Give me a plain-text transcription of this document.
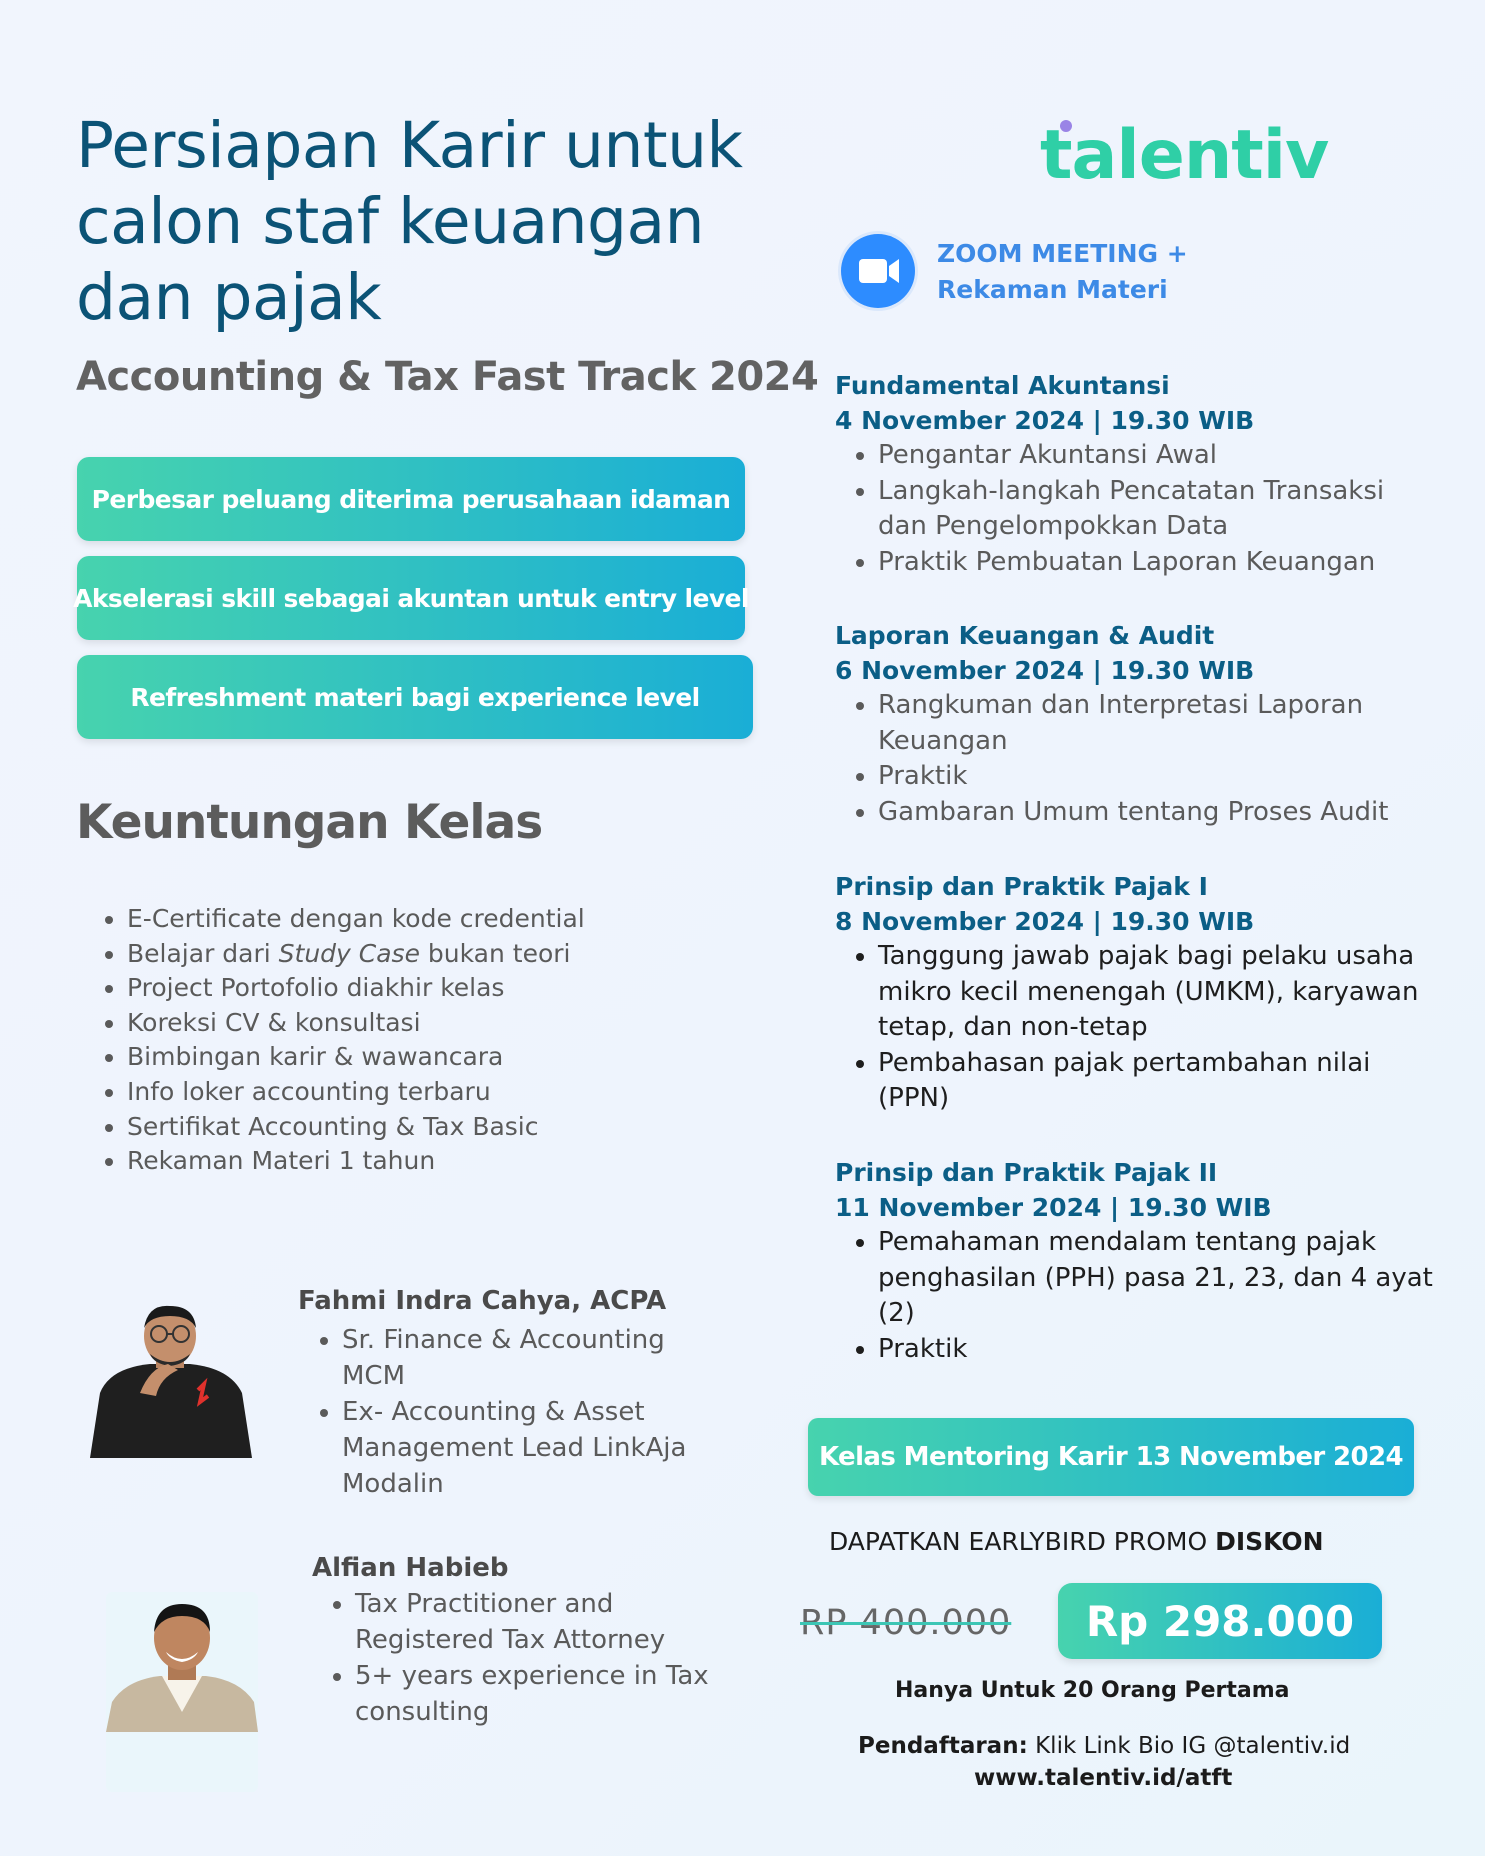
Persiapan Karir untuk
calon staf keuangan
dan pajak
Accounting & Tax Fast Track 2024
Perbesar peluang diterima perusahaan idaman
Akselerasi skill sebagai akuntan untuk entry level
Refreshment materi bagi experience level
Keuntungan Kelas
• E-Certificate dengan kode credential
• Belajar dari Study Case bukan teori
• Project Portofolio diakhir kelas
• Koreksi CV & konsultasi
• Bimbingan karir & wawancara
• Info loker accounting terbaru
• Sertifikat Accounting & Tax Basic
• Rekaman Materi 1 tahun
Fahmi Indra Cahya, ACPA
• Sr. Finance & Accounting MCM
• Ex- Accounting & Asset Management Lead LinkAja Modalin
Alfian Habieb
• Tax Practitioner and Registered Tax Attorney
• 5+ years experience in Tax consulting
talentiv
ZOOM MEETING +
Rekaman Materi
Fundamental Akuntansi
4 November 2024 | 19.30 WIB
• Pengantar Akuntansi Awal
• Langkah-langkah Pencatatan Transaksi dan Pengelompokkan Data
• Praktik Pembuatan Laporan Keuangan
Laporan Keuangan & Audit
6 November 2024 | 19.30 WIB
• Rangkuman dan Interpretasi Laporan Keuangan
• Praktik
• Gambaran Umum tentang Proses Audit
Prinsip dan Praktik Pajak I
8 November 2024 | 19.30 WIB
• Tanggung jawab pajak bagi pelaku usaha mikro kecil menengah (UMKM), karyawan tetap, dan non-tetap
• Pembahasan pajak pertambahan nilai (PPN)
Prinsip dan Praktik Pajak II
11 November 2024 | 19.30 WIB
• Pemahaman mendalam tentang pajak penghasilan (PPH) pasa 21, 23, dan 4 ayat (2)
• Praktik
Kelas Mentoring Karir 13 November 2024
DAPATKAN EARLYBIRD PROMO DISKON
RP 400.000	Rp 298.000
Hanya Untuk 20 Orang Pertama
Pendaftaran: Klik Link Bio IG @talentiv.id
www.talentiv.id/atft
